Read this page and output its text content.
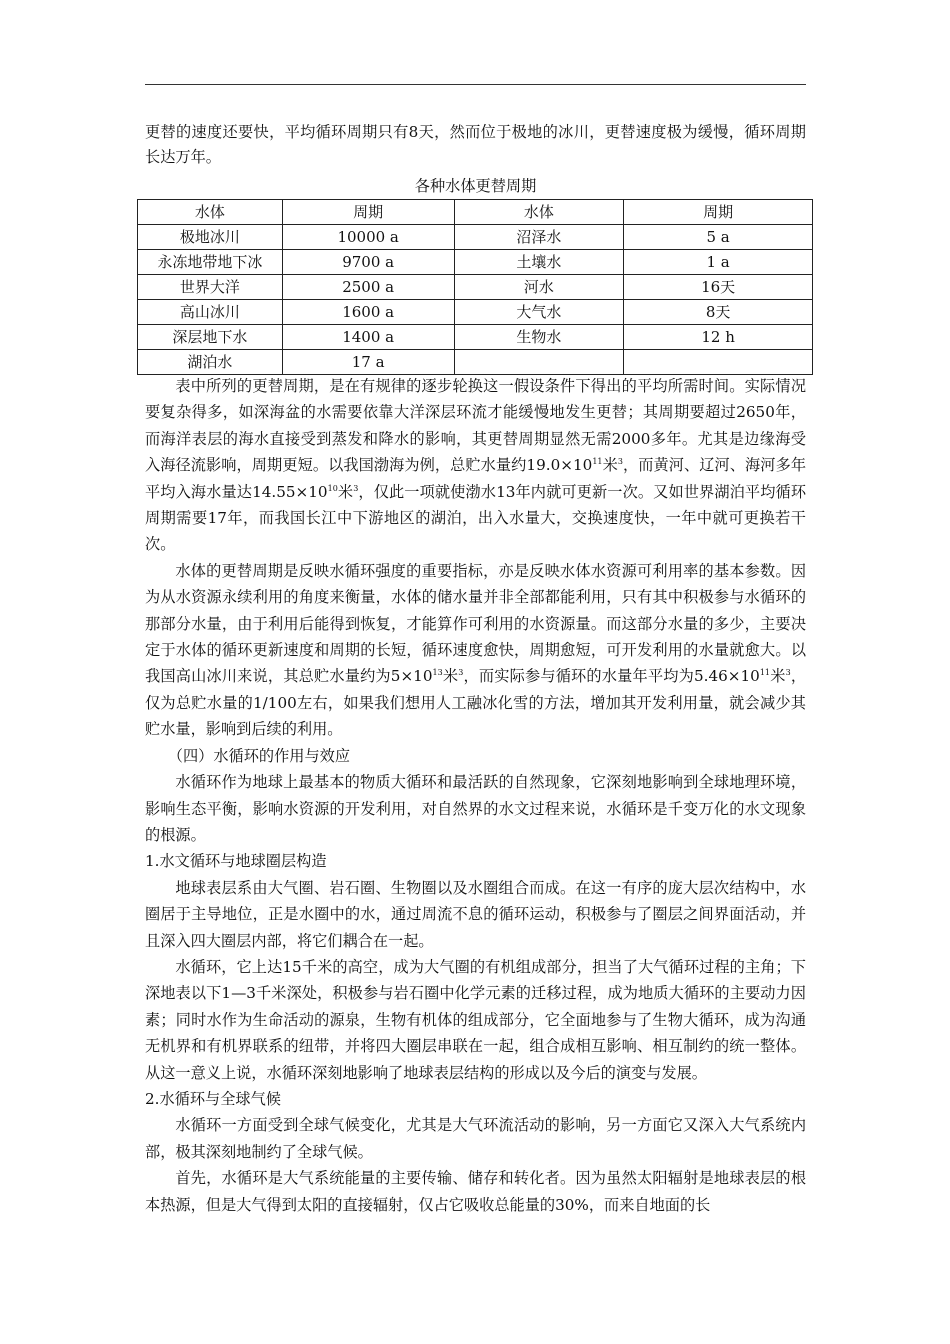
更替的速度还要快，平均循环周期只有8天，然而位于极地的冰川，更替速度极为缓慢，循环周期长达万年。

各种水体更替周期
水体	周期	水体	周期
极地冰川	10000 a	沼泽水	5 a
永冻地带地下冰	9700 a	土壤水	1 a
世界大洋	2500 a	河水	16天
高山冰川	1600 a	大气水	8天
深层地下水	1400 a	生物水	12 h
湖泊水	17 a		

表中所列的更替周期，是在有规律的逐步轮换这一假设条件下得出的平均所需时间。实际情况要复杂得多，如深海盆的水需要依靠大洋深层环流才能缓慢地发生更替；其周期要超过2650年，而海洋表层的海水直接受到蒸发和降水的影响，其更替周期显然无需2000多年。尤其是边缘海受入海径流影响，周期更短。以我国渤海为例，总贮水量约$19.0\times 10^{11}$米$^3$，而黄河、辽河、海河多年平均入海水量达$14.55\times 10^{10}$米$^3$，仅此一项就使渤水13年内就可更新一次。又如世界湖泊平均循环周期需要17年，而我国长江中下游地区的湖泊，出入水量大，交换速度快，一年中就可更换若干次。

水体的更替周期是反映水循环强度的重要指标，亦是反映水体水资源可利用率的基本参数。因为从水资源永续利用的角度来衡量，水体的储水量并非全部都能利用，只有其中积极参与水循环的那部分水量，由于利用后能得到恢复，才能算作可利用的水资源量。而这部分水量的多少，主要决定于水体的循环更新速度和周期的长短，循环速度愈快，周期愈短，可开发利用的水量就愈大。以我国高山冰川来说，其总贮水量约为$5\times 10^{13}$米$^3$，而实际参与循环的水量年平均为$5.46\times 10^{11}$米$^3$，仅为总贮水量的1/100左右，如果我们想用人工融冰化雪的方法，增加其开发利用量，就会减少其贮水量，影响到后续的利用。

（四）水循环的作用与效应

水循环作为地球上最基本的物质大循环和最活跃的自然现象，它深刻地影响到全球地理环境，影响生态平衡，影响水资源的开发利用，对自然界的水文过程来说，水循环是千变万化的水文现象的根源。

1.水文循环与地球圈层构造

地球表层系由大气圈、岩石圈、生物圈以及水圈组合而成。在这一有序的庞大层次结构中，水圈居于主导地位，正是水圈中的水，通过周流不息的循环运动，积极参与了圈层之间界面活动，并且深入四大圈层内部，将它们耦合在一起。

水循环，它上达15千米的高空，成为大气圈的有机组成部分，担当了大气循环过程的主角；下深地表以下1—3千米深处，积极参与岩石圈中化学元素的迁移过程，成为地质大循环的主要动力因素；同时水作为生命活动的源泉，生物有机体的组成部分，它全面地参与了生物大循环，成为沟通无机界和有机界联系的纽带，并将四大圈层串联在一起，组合成相互影响、相互制约的统一整体。从这一意义上说，水循环深刻地影响了地球表层结构的形成以及今后的演变与发展。

2.水循环与全球气候

水循环一方面受到全球气候变化，尤其是大气环流活动的影响，另一方面它又深入大气系统内部，极其深刻地制约了全球气候。

首先，水循环是大气系统能量的主要传输、储存和转化者。因为虽然太阳辐射是地球表层的根本热源，但是大气得到太阳的直接辐射，仅占它吸收总能量的30%，而来自地面的长
